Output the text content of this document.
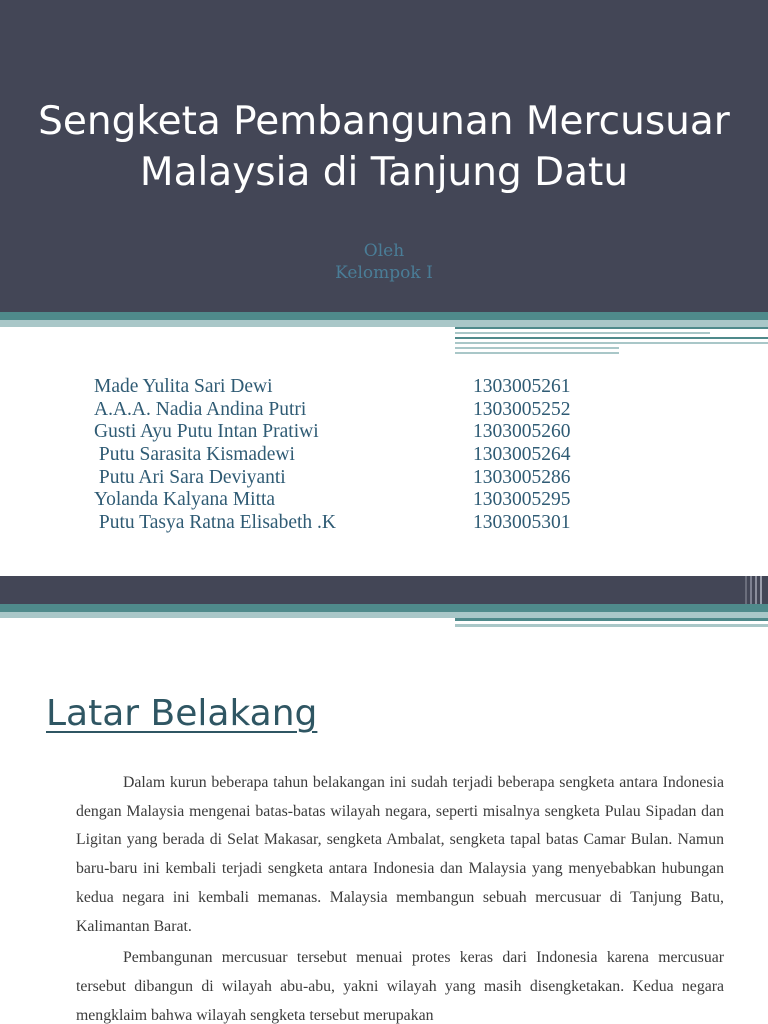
Sengketa Pembangunan Mercusuar
Malaysia di Tanjung Datu
Oleh
Kelompok I
Made Yulita Sari Dewi	1303005261
A.A.A. Nadia Andina Putri	1303005252
Gusti Ayu Putu Intan Pratiwi	1303005260
Putu Sarasita Kismadewi	1303005264
Putu Ari Sara Deviyanti	1303005286
Yolanda Kalyana Mitta	1303005295
Putu Tasya Ratna Elisabeth .K	1303005301
Latar Belakang

Dalam kurun beberapa tahun belakangan ini sudah terjadi beberapa sengketa antara Indonesia dengan Malaysia mengenai batas-batas wilayah negara, seperti misalnya sengketa Pulau Sipadan dan Ligitan yang berada di Selat Makasar, sengketa Ambalat, sengketa tapal batas Camar Bulan. Namun baru-baru ini kembali terjadi sengketa antara Indonesia dan Malaysia yang menyebabkan hubungan kedua negara ini kembali memanas. Malaysia membangun sebuah mercusuar di Tanjung Batu, Kalimantan Barat.

Pembangunan mercusuar tersebut menuai protes keras dari Indonesia karena mercusuar tersebut dibangun di wilayah abu-abu, yakni wilayah yang masih disengketakan. Kedua negara mengklaim bahwa wilayah sengketa tersebut merupakan
